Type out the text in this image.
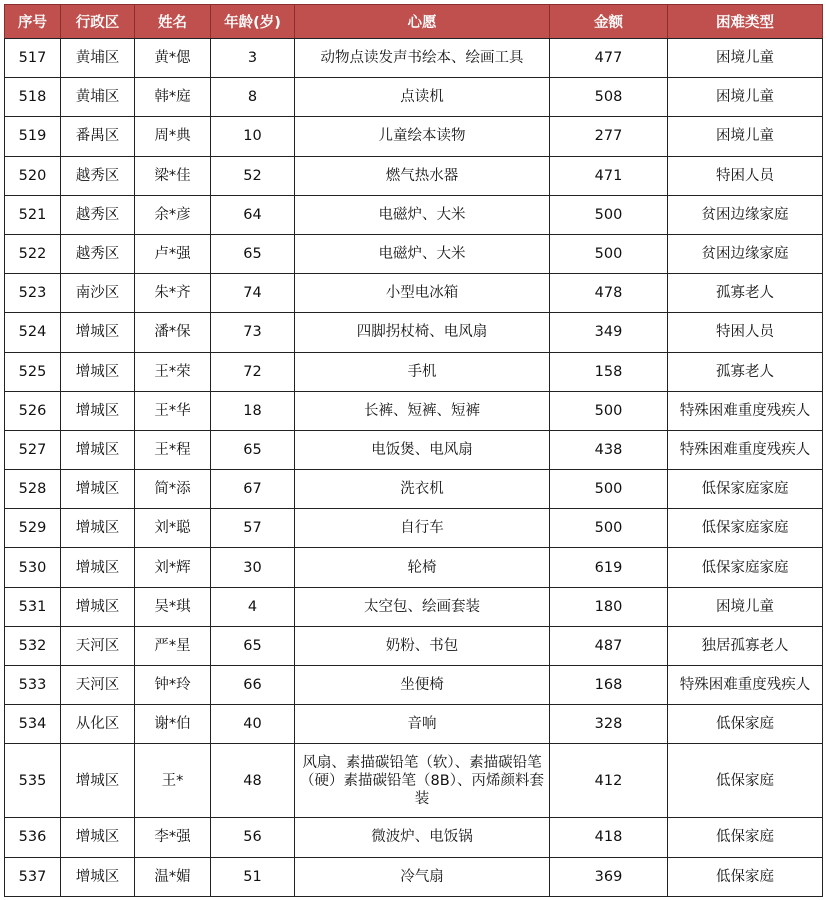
序号	行政区	姓名	年龄(岁)	心愿	金额	困难类型
517	黄埔区	黄*偲	3	动物点读发声书绘本、绘画工具	477	困境儿童
518	黄埔区	韩*庭	8	点读机	508	困境儿童
519	番禺区	周*典	10	儿童绘本读物	277	困境儿童
520	越秀区	梁*佳	52	燃气热水器	471	特困人员
521	越秀区	余*彦	64	电磁炉、大米	500	贫困边缘家庭
522	越秀区	卢*强	65	电磁炉、大米	500	贫困边缘家庭
523	南沙区	朱*齐	74	小型电冰箱	478	孤寡老人
524	增城区	潘*保	73	四脚拐杖椅、电风扇	349	特困人员
525	增城区	王*荣	72	手机	158	孤寡老人
526	增城区	王*华	18	长裤、短裤、短裤	500	特殊困难重度残疾人
527	增城区	王*程	65	电饭煲、电风扇	438	特殊困难重度残疾人
528	增城区	简*添	67	洗衣机	500	低保家庭家庭
529	增城区	刘*聪	57	自行车	500	低保家庭家庭
530	增城区	刘*辉	30	轮椅	619	低保家庭家庭
531	增城区	吴*琪	4	太空包、绘画套装	180	困境儿童
532	天河区	严*星	65	奶粉、书包	487	独居孤寡老人
533	天河区	钟*玲	66	坐便椅	168	特殊困难重度残疾人
534	从化区	谢*伯	40	音响	328	低保家庭
535	增城区	王*	48	风扇、素描碳铅笔（软）、素描碳铅笔（硬）素描碳铅笔（8B）、丙烯颜料套装	412	低保家庭
536	增城区	李*强	56	微波炉、电饭锅	418	低保家庭
537	增城区	温*媚	51	冷气扇	369	低保家庭
